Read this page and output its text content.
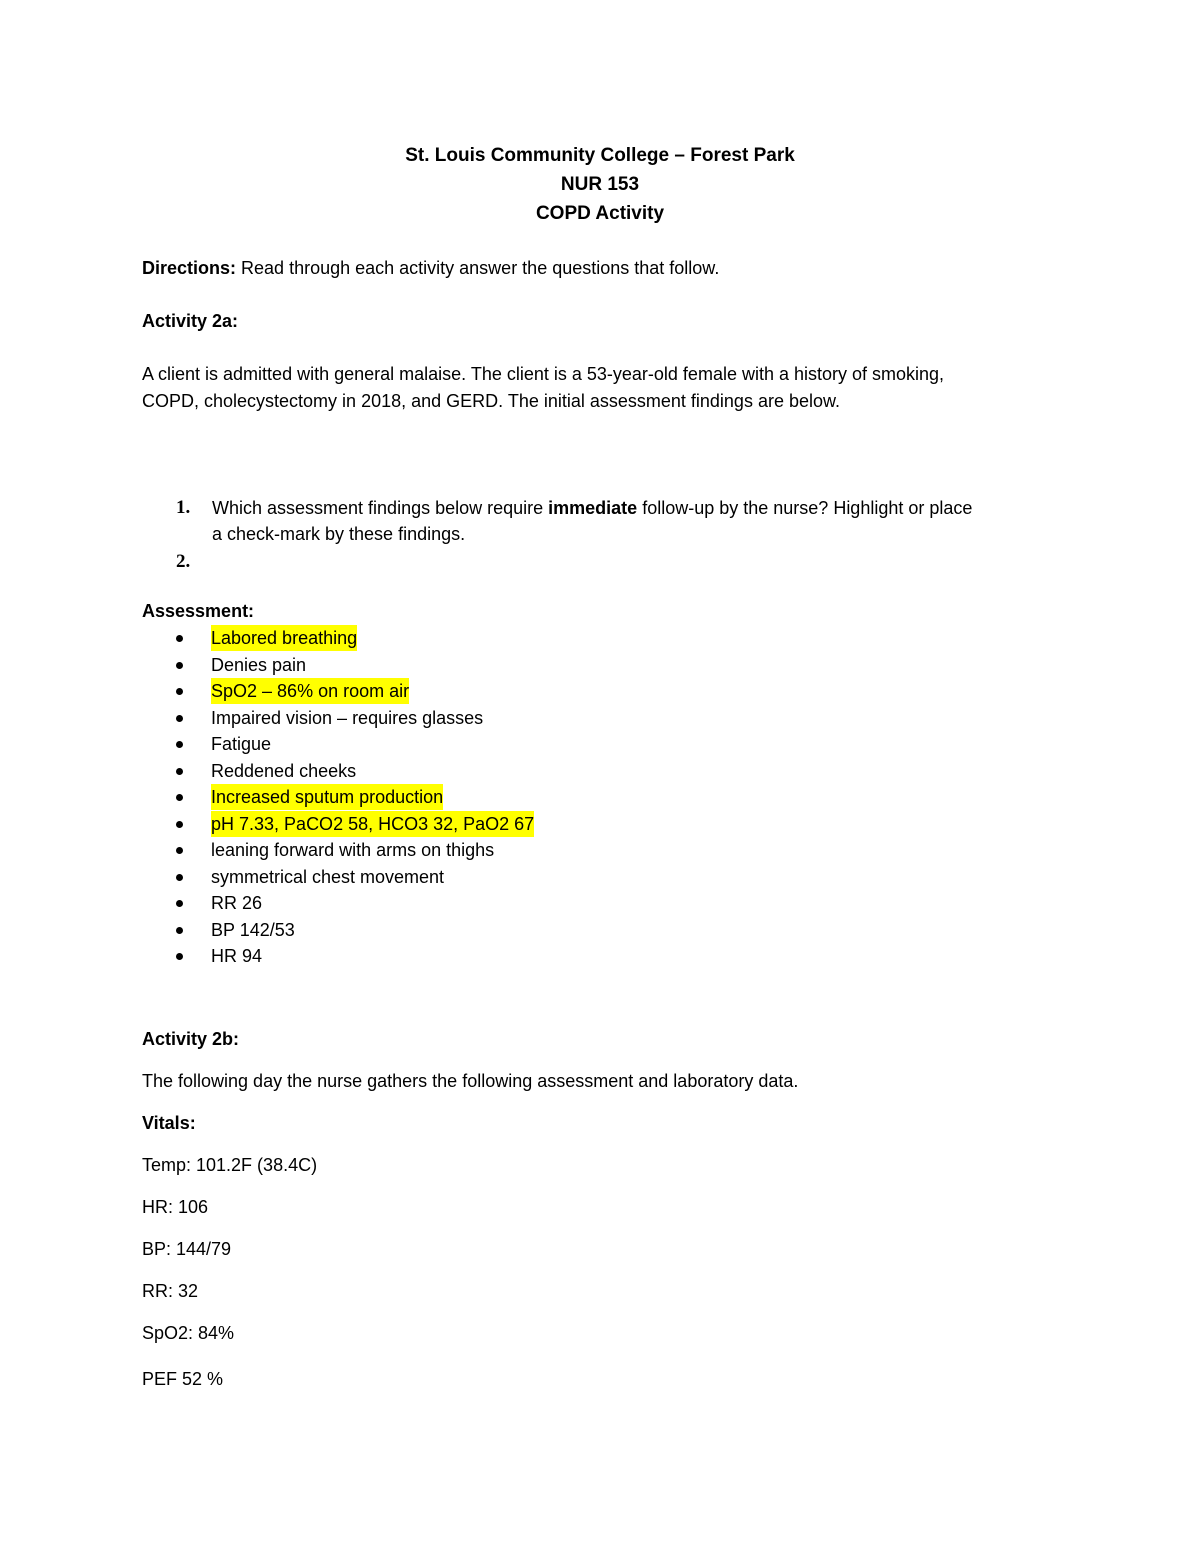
St. Louis Community College – Forest Park
NUR 153
COPD Activity
Directions: Read through each activity answer the questions that follow.
Activity 2a:
A client is admitted with general malaise. The client is a 53-year-old female with a history of smoking,
COPD, cholecystectomy in 2018, and GERD. The initial assessment findings are below.
1. Which assessment findings below require immediate follow-up by the nurse? Highlight or place
a check-mark by these findings.
2.
Assessment:
Labored breathing
Denies pain
SpO2 – 86% on room air
Impaired vision – requires glasses
Fatigue
Reddened cheeks
Increased sputum production
pH 7.33, PaCO2 58, HCO3 32, PaO2 67
leaning forward with arms on thighs
symmetrical chest movement
RR 26
BP 142/53
HR 94
Activity 2b:
The following day the nurse gathers the following assessment and laboratory data.
Vitals:
Temp: 101.2F (38.4C)
HR: 106
BP: 144/79
RR: 32
SpO2: 84%
PEF 52 %
